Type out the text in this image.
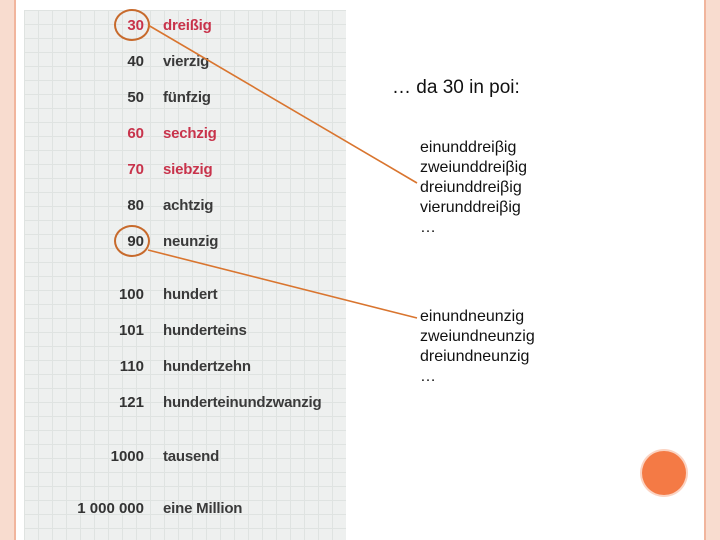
30 dreißig
40 vierzig
50 fünfzig
60 sechzig
70 siebzig
80 achtzig
90 neunzig
100 hundert
101 hunderteins
110 hundertzehn
121 hunderteinundzwanzig
1000 tausend
1 000 000 eine Million
… da 30 in poi:
einunddreiβig
zweiunddreiβig
dreiunddreiβig
vierunddreiβig
…
einundneunzig
zweiundneunzig
dreiundneunzig
…
